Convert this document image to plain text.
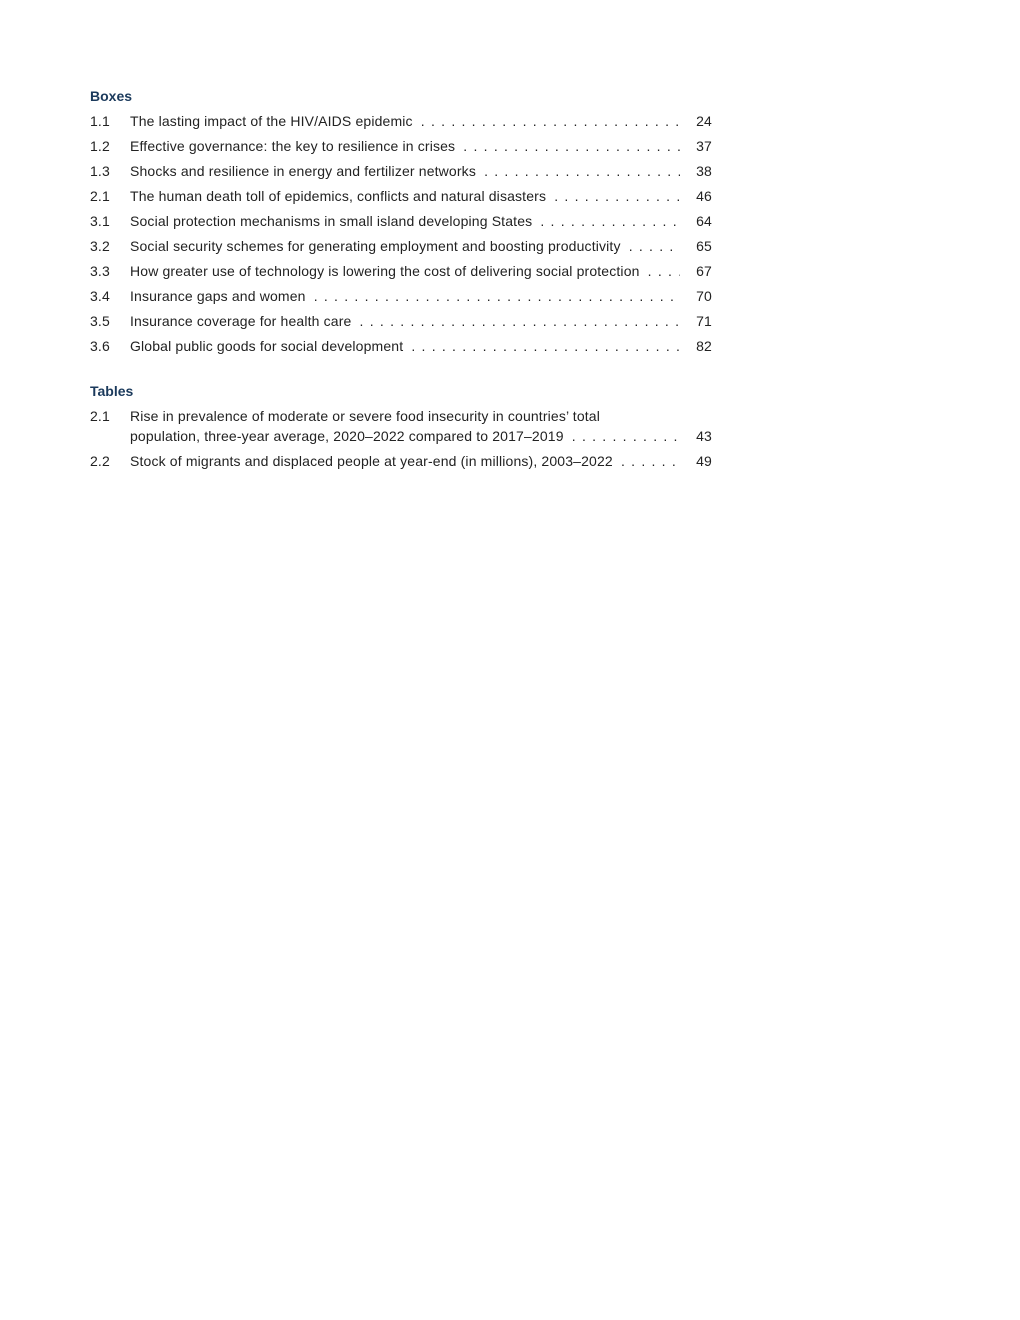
Boxes
1.1	The lasting impact of the HIV/AIDS epidemic . . .	24
1.2	Effective governance: the key to resilience in crises . . .	37
1.3	Shocks and resilience in energy and fertilizer networks . . .	38
2.1	The human death toll of epidemics, conflicts and natural disasters . . .	46
3.1	Social protection mechanisms in small island developing States . . .	64
3.2	Social security schemes for generating employment and boosting productivity . . .	65
3.3	How greater use of technology is lowering the cost of delivering social protection . . .	67
3.4	Insurance gaps and women . . .	70
3.5	Insurance coverage for health care . . .	71
3.6	Global public goods for social development . . .	82
Tables
2.1	Rise in prevalence of moderate or severe food insecurity in countries’ total
population, three-year average, 2020–2022 compared to 2017–2019 . . .	43
2.2	Stock of migrants and displaced people at year-end (in millions), 2003–2022 . . .	49
